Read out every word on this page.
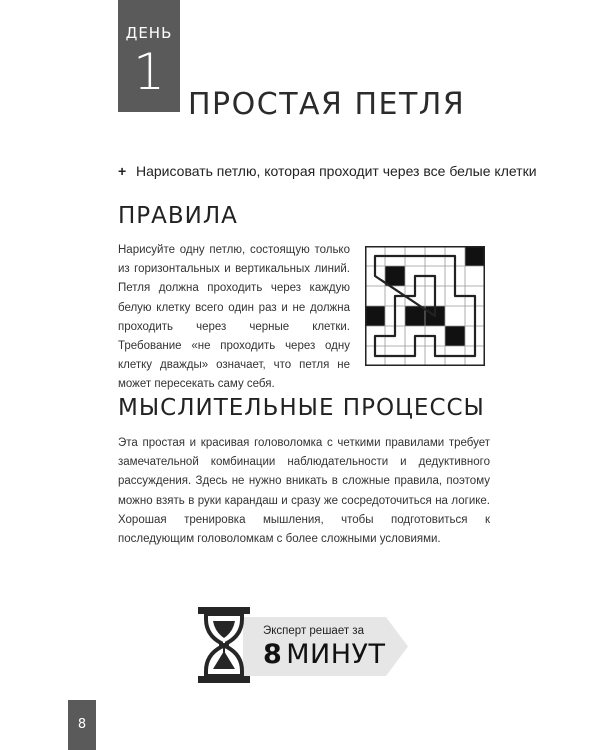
ДЕНЬ
1
ПРОСТАЯ ПЕТЛЯ
+ Нарисовать петлю, которая проходит через все белые клетки
ПРАВИЛА

Нарисуйте одну петлю, состоящую только из горизонтальных и вертикальных линий. Петля должна проходить через каждую белую клетку всего один раз и не должна проходить через черные клетки. Требование «не проходить через одну клетку дважды» означает, что петля не может пересекать саму себя.

МЫСЛИТЕЛЬНЫЕ ПРОЦЕССЫ

Эта простая и красивая головоломка с четкими правилами требует замечательной комбинации наблюдательности и дедуктивного рассуждения. Здесь не нужно вникать в сложные правила, поэтому можно взять в руки карандаш и сразу же сосредоточиться на логике. Хорошая тренировка мышления, чтобы подготовиться к последующим головоломкам с более сложными условиями.

Эксперт решает за
8 МИНУТ
8
